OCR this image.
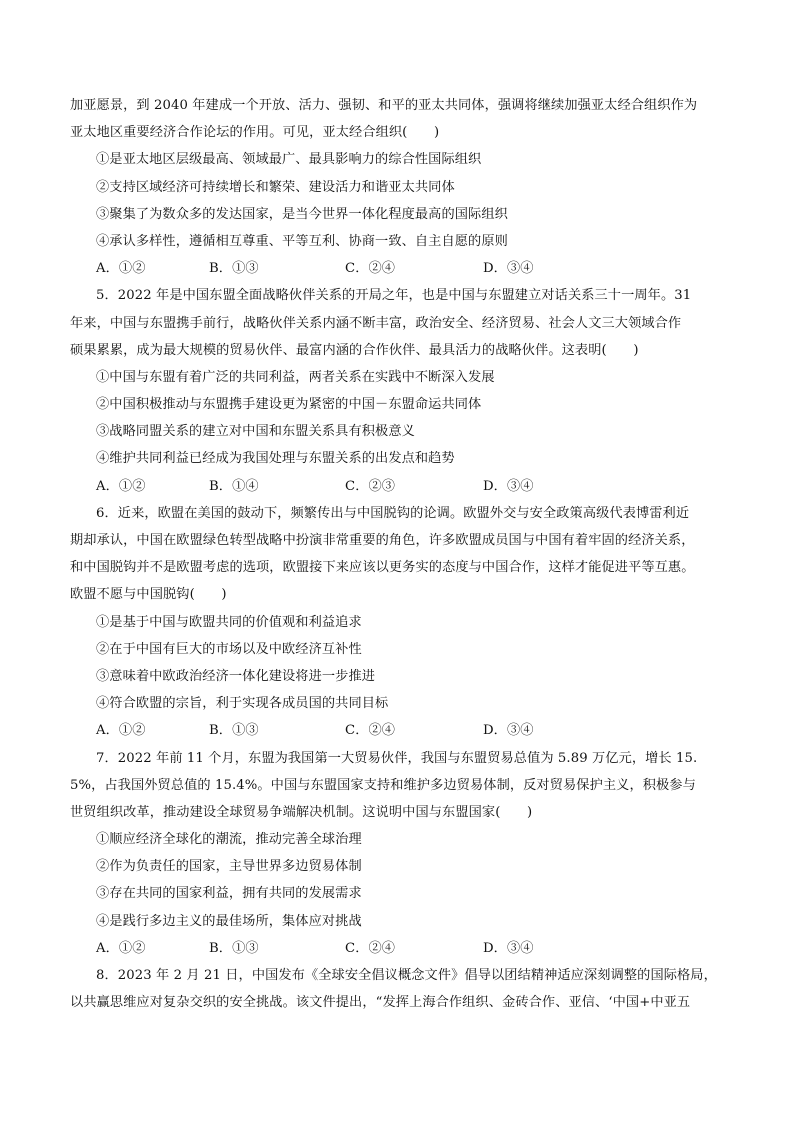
加亚愿景，到 2040 年建成一个开放、活力、强韧、和平的亚太共同体，强调将继续加强亚太经合组织作为
亚太地区重要经济合作论坛的作用。可见，亚太经合组织(　　)
①是亚太地区层级最高、领域最广、最具影响力的综合性国际组织
②支持区域经济可持续增长和繁荣、建设活力和谐亚太共同体
③聚集了为数众多的发达国家，是当今世界一体化程度最高的国际组织
④承认多样性，遵循相互尊重、平等互利、协商一致、自主自愿的原则
A．①②	B．①③	C．②④	D．③④
5．2022 年是中国东盟全面战略伙伴关系的开局之年，也是中国与东盟建立对话关系三十一周年。31
年来，中国与东盟携手前行，战略伙伴关系内涵不断丰富，政治安全、经济贸易、社会人文三大领域合作
硕果累累，成为最大规模的贸易伙伴、最富内涵的合作伙伴、最具活力的战略伙伴。这表明(　　)
①中国与东盟有着广泛的共同利益，两者关系在实践中不断深入发展
②中国积极推动与东盟携手建设更为紧密的中国－东盟命运共同体
③战略同盟关系的建立对中国和东盟关系具有积极意义
④维护共同利益已经成为我国处理与东盟关系的出发点和趋势
A．①②	B．①④	C．②③	D．③④
6．近来，欧盟在美国的鼓动下，频繁传出与中国脱钩的论调。欧盟外交与安全政策高级代表博雷利近
期却承认，中国在欧盟绿色转型战略中扮演非常重要的角色，许多欧盟成员国与中国有着牢固的经济关系，
和中国脱钩并不是欧盟考虑的选项，欧盟接下来应该以更务实的态度与中国合作，这样才能促进平等互惠。
欧盟不愿与中国脱钩(　　)
①是基于中国与欧盟共同的价值观和利益追求
②在于中国有巨大的市场以及中欧经济互补性
③意味着中欧政治经济一体化建设将进一步推进
④符合欧盟的宗旨，利于实现各成员国的共同目标
A．①②	B．①③	C．②④	D．③④
7．2022 年前 11 个月，东盟为我国第一大贸易伙伴，我国与东盟贸易总值为 5.89 万亿元，增长 15.
5%，占我国外贸总值的 15.4%。中国与东盟国家支持和维护多边贸易体制，反对贸易保护主义，积极参与
世贸组织改革，推动建设全球贸易争端解决机制。这说明中国与东盟国家(　　)
①顺应经济全球化的潮流，推动完善全球治理
②作为负责任的国家，主导世界多边贸易体制
③存在共同的国家利益，拥有共同的发展需求
④是践行多边主义的最佳场所，集体应对挑战
A．①②	B．①③	C．②④	D．③④
8．2023 年 2 月 21 日，中国发布《全球安全倡议概念文件》倡导以团结精神适应深刻调整的国际格局，
以共赢思维应对复杂交织的安全挑战。该文件提出，“发挥上海合作组织、金砖合作、亚信、‘中国+中亚五
